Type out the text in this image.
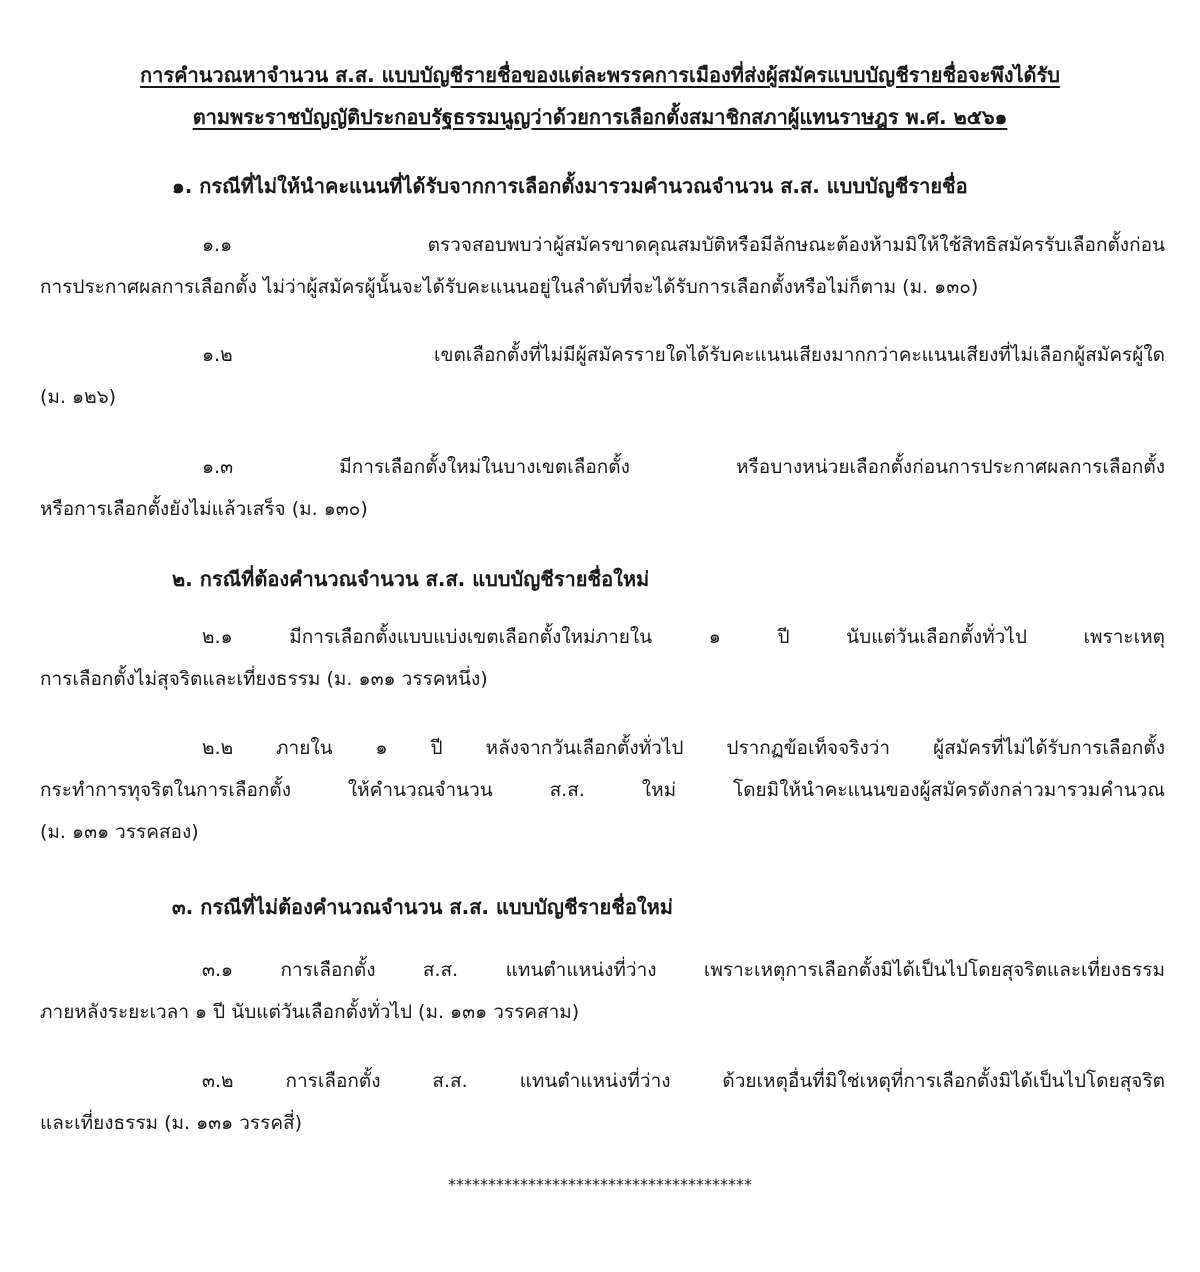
การคำนวณหาจำนวน ส.ส. แบบบัญชีรายชื่อของแต่ละพรรคการเมืองที่ส่งผู้สมัครแบบบัญชีรายชื่อจะพึงได้รับ
ตามพระราชบัญญัติประกอบรัฐธรรมนูญว่าด้วยการเลือกตั้งสมาชิกสภาผู้แทนราษฎร พ.ศ. ๒๕๖๑
๑. กรณีที่ไม่ให้นำคะแนนที่ได้รับจากการเลือกตั้งมารวมคำนวณจำนวน ส.ส. แบบบัญชีรายชื่อ
๑.๑ ตรวจสอบพบว่าผู้สมัครขาดคุณสมบัติหรือมีลักษณะต้องห้ามมิให้ใช้สิทธิสมัครรับเลือกตั้งก่อน
การประกาศผลการเลือกตั้ง ไม่ว่าผู้สมัครผู้นั้นจะได้รับคะแนนอยู่ในลำดับที่จะได้รับการเลือกตั้งหรือไม่ก็ตาม (ม. ๑๓๐)
๑.๒ เขตเลือกตั้งที่ไม่มีผู้สมัครรายใดได้รับคะแนนเสียงมากกว่าคะแนนเสียงที่ไม่เลือกผู้สมัครผู้ใด
(ม. ๑๒๖)
๑.๓ มีการเลือกตั้งใหม่ในบางเขตเลือกตั้ง หรือบางหน่วยเลือกตั้งก่อนการประกาศผลการเลือกตั้ง
หรือการเลือกตั้งยังไม่แล้วเสร็จ (ม. ๑๓๐)
๒. กรณีที่ต้องคำนวณจำนวน ส.ส. แบบบัญชีรายชื่อใหม่
๒.๑ มีการเลือกตั้งแบบแบ่งเขตเลือกตั้งใหม่ภายใน ๑ ปี นับแต่วันเลือกตั้งทั่วไป เพราะเหตุ
การเลือกตั้งไม่สุจริตและเที่ยงธรรม (ม. ๑๓๑ วรรคหนึ่ง)
๒.๒ ภายใน ๑ ปี หลังจากวันเลือกตั้งทั่วไป ปรากฏข้อเท็จจริงว่า ผู้สมัครที่ไม่ได้รับการเลือกตั้ง
กระทำการทุจริตในการเลือกตั้ง ให้คำนวณจำนวน ส.ส. ใหม่ โดยมิให้นำคะแนนของผู้สมัครดังกล่าวมารวมคำนวณ
(ม. ๑๓๑ วรรคสอง)
๓. กรณีที่ไม่ต้องคำนวณจำนวน ส.ส. แบบบัญชีรายชื่อใหม่
๓.๑ การเลือกตั้ง ส.ส. แทนตำแหน่งที่ว่าง เพราะเหตุการเลือกตั้งมิได้เป็นไปโดยสุจริตและเที่ยงธรรม
ภายหลังระยะเวลา ๑ ปี นับแต่วันเลือกตั้งทั่วไป (ม. ๑๓๑ วรรคสาม)
๓.๒ การเลือกตั้ง ส.ส. แทนตำแหน่งที่ว่าง ด้วยเหตุอื่นที่มิใช่เหตุที่การเลือกตั้งมิได้เป็นไปโดยสุจริต
และเที่ยงธรรม (ม. ๑๓๑ วรรคสี่)
**************************************
